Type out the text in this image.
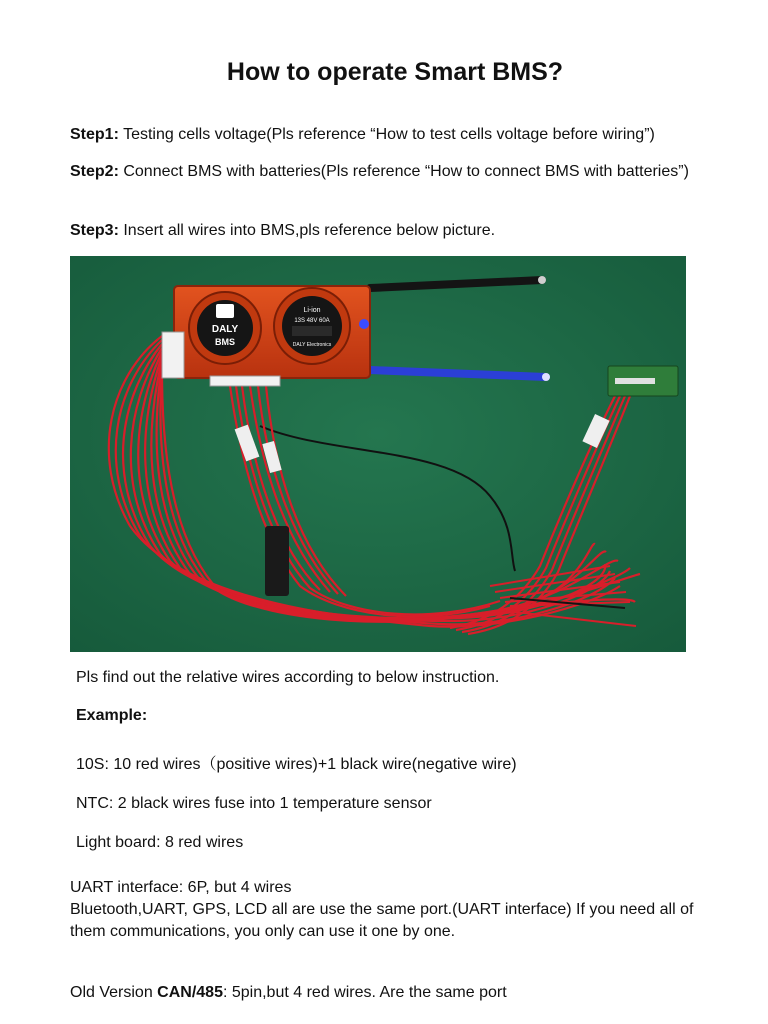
How to operate Smart BMS?

Step1: Testing cells voltage(Pls reference “How to test cells voltage before wiring”)

Step2: Connect BMS with batteries(Pls reference “How to connect BMS with batteries”)

Step3: Insert all wires into BMS,pls reference below picture.

DALY
BMS
Li-ion
13S 48V 60A
DALY Electronics

Pls find out the relative wires according to below instruction.

Example:

10S: 10 red wires（positive wires)+1 black wire(negative wire)

NTC: 2 black wires fuse into 1 temperature sensor

Light board: 8 red wires

UART interface: 6P, but 4 wires

Bluetooth,UART, GPS, LCD all are use the same port.(UART interface) If you need all of them communications, you only can use it one by one.

Old Version CAN/485: 5pin,but 4 red wires. Are the same port
